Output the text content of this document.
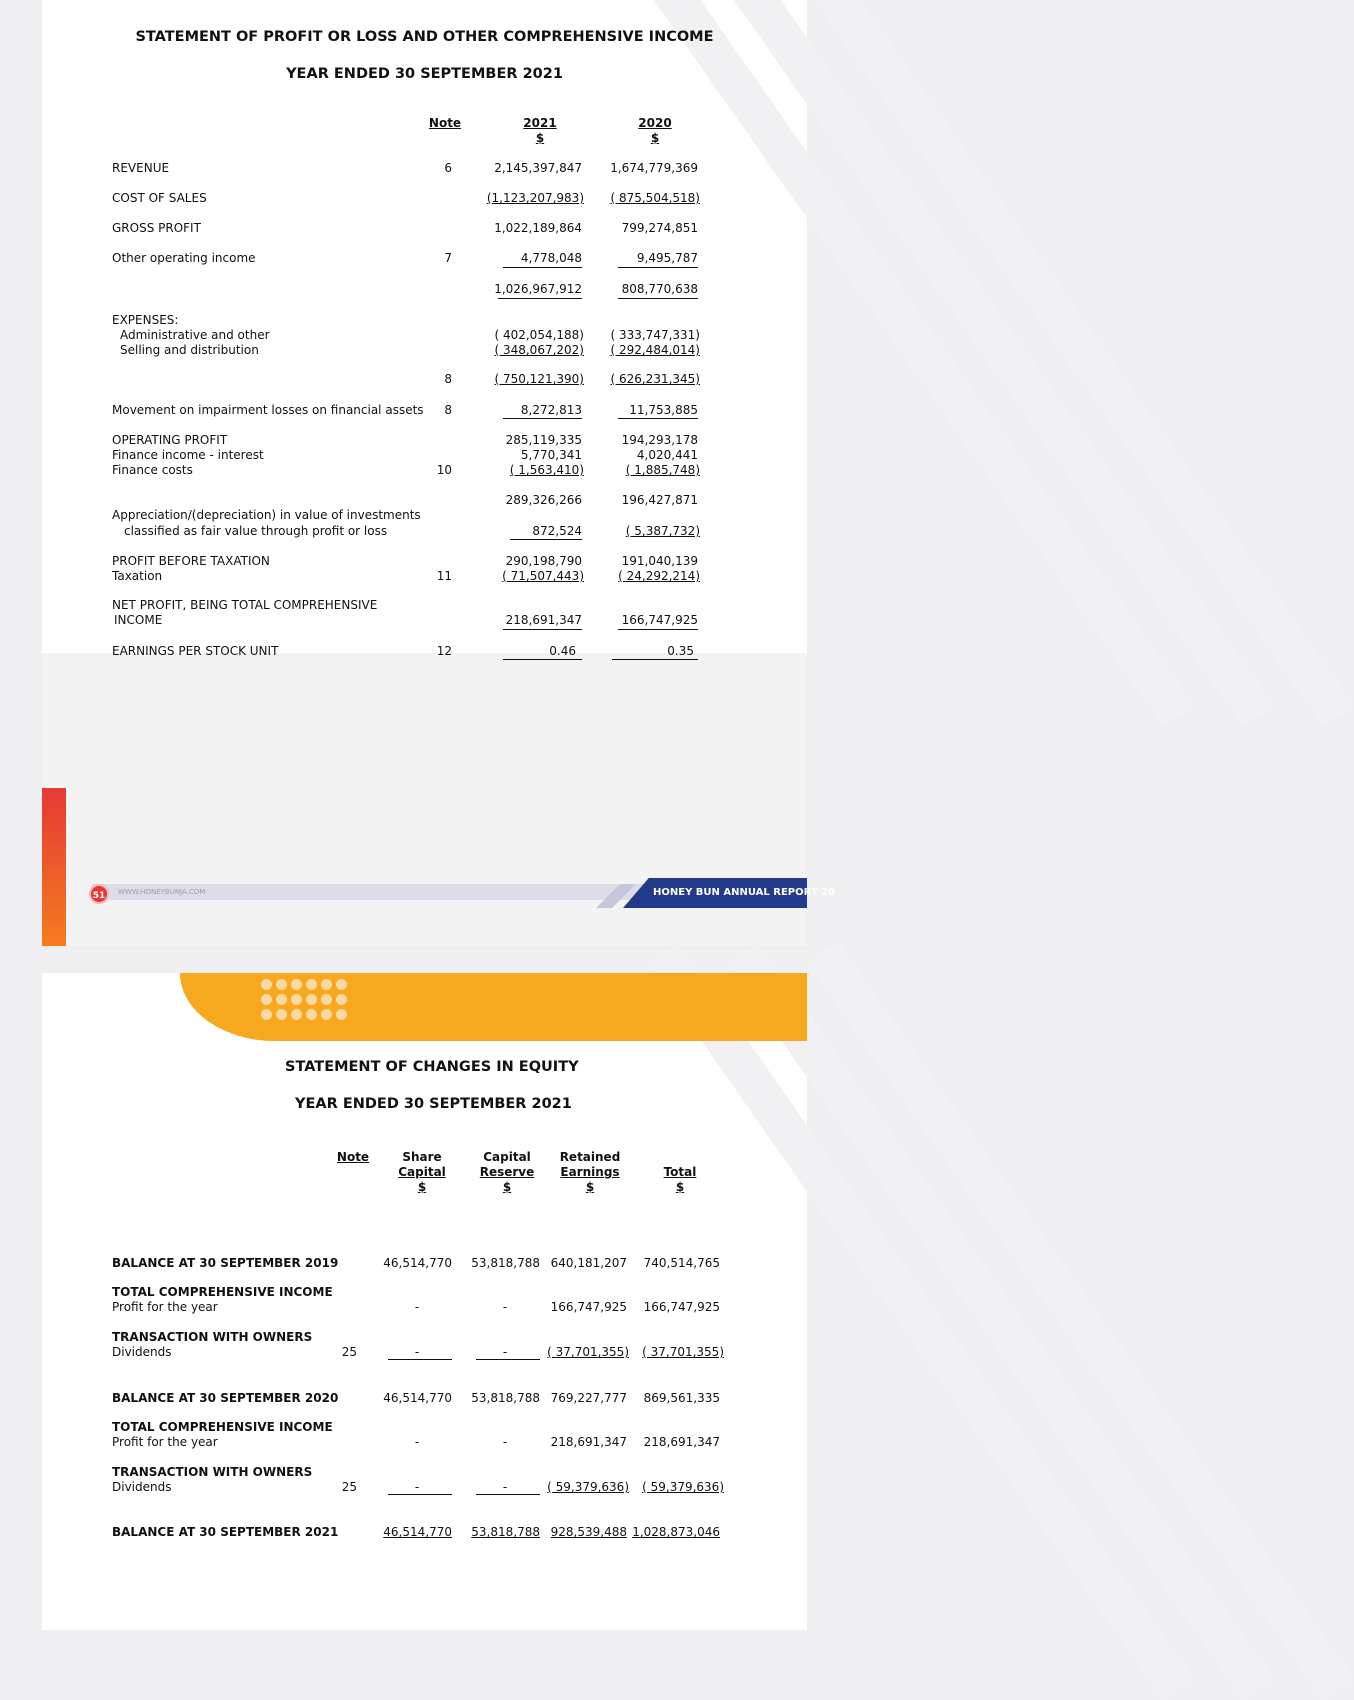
STATEMENT OF PROFIT OR LOSS AND OTHER COMPREHENSIVE INCOME
YEAR ENDED 30 SEPTEMBER 2021
Note	2021
$
2020
$
REVENUE	6	2,145,397,847	1,674,779,369
COST OF SALES	(1,123,207,983)	( 875,504,518)
GROSS PROFIT	1,022,189,864	799,274,851
Other operating income	7	4,778,048	9,495,787
1,026,967,912	808,770,638
EXPENSES:
Administrative and other	( 402,054,188)	( 333,747,331)
Selling and distribution	( 348,067,202)	( 292,484,014)
8	( 750,121,390)	( 626,231,345)
Movement on impairment losses on financial assets	8	8,272,813	11,753,885
OPERATING PROFIT	285,119,335	194,293,178
Finance income - interest	5,770,341	4,020,441
Finance costs	10	( 1,563,410)	( 1,885,748)
289,326,266	196,427,871
Appreciation/(depreciation) in value of investments
classified as fair value through profit or loss	872,524	( 5,387,732)
PROFIT BEFORE TAXATION	290,198,790	191,040,139
Taxation	11	( 71,507,443)	( 24,292,214)
NET PROFIT, BEING TOTAL COMPREHENSIVE
INCOME	218,691,347	166,747,925
EARNINGS PER STOCK UNIT	12	0.46	0.35
51	WWW.HONEYBUNJA.COM	HONEY BUN ANNUAL REPORT 20
STATEMENT OF CHANGES IN EQUITY
YEAR ENDED 30 SEPTEMBER 2021
Note	Share
Capital
$
Capital
Reserve
$
Retained
Earnings
$
Total
$
BALANCE AT 30 SEPTEMBER 2019	46,514,770	53,818,788 640,181,207	740,514,765
TOTAL COMPREHENSIVE INCOME
Profit for the year	-	-	166,747,925	166,747,925
TRANSACTION WITH OWNERS
Dividends	25	-	-	( 37,701,355)	( 37,701,355)
BALANCE AT 30 SEPTEMBER 2020	46,514,770	53,818,788 769,227,777	869,561,335
TOTAL COMPREHENSIVE INCOME
Profit for the year	-	-	218,691,347	218,691,347
TRANSACTION WITH OWNERS
Dividends	25	-	-	( 59,379,636)	( 59,379,636)
BALANCE AT 30 SEPTEMBER 2021	46,514,770	53,818,788 928,539,488 1,028,873,046
